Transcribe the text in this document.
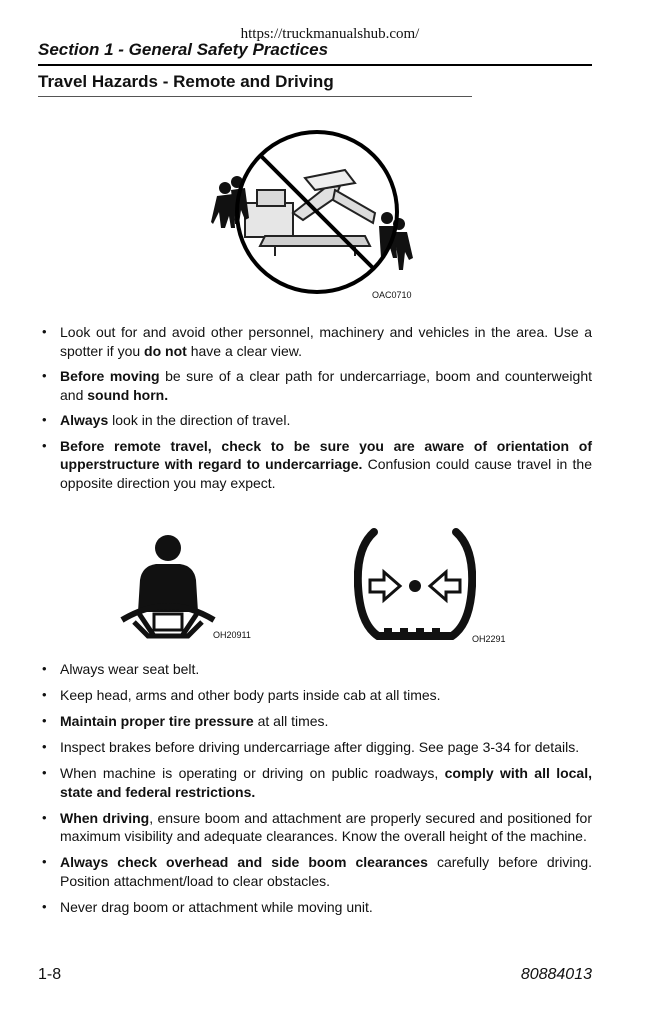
https://truckmanualshub.com/
Section 1 - General Safety Practices
Travel Hazards - Remote and Driving
OAC0710
• Look out for and avoid other personnel, machinery and vehicles in the area. Use a spotter if you do not have a clear view.
• Before moving be sure of a clear path for undercarriage, boom and counterweight and sound horn.
• Always look in the direction of travel.
• Before remote travel, check to be sure you are aware of orientation of upperstructure with regard to undercarriage. Confusion could cause travel in the opposite direction you may expect.
OH20911	OH2291
• Always wear seat belt.
• Keep head, arms and other body parts inside cab at all times.
• Maintain proper tire pressure at all times.
• Inspect brakes before driving undercarriage after digging. See page 3-34 for details.
• When machine is operating or driving on public roadways, comply with all local, state and federal restrictions.
• When driving, ensure boom and attachment are properly secured and positioned for maximum visibility and adequate clearances. Know the overall height of the machine.
• Always check overhead and side boom clearances carefully before driving. Position attachment/load to clear obstacles.
• Never drag boom or attachment while moving unit.
1-8	80884013
